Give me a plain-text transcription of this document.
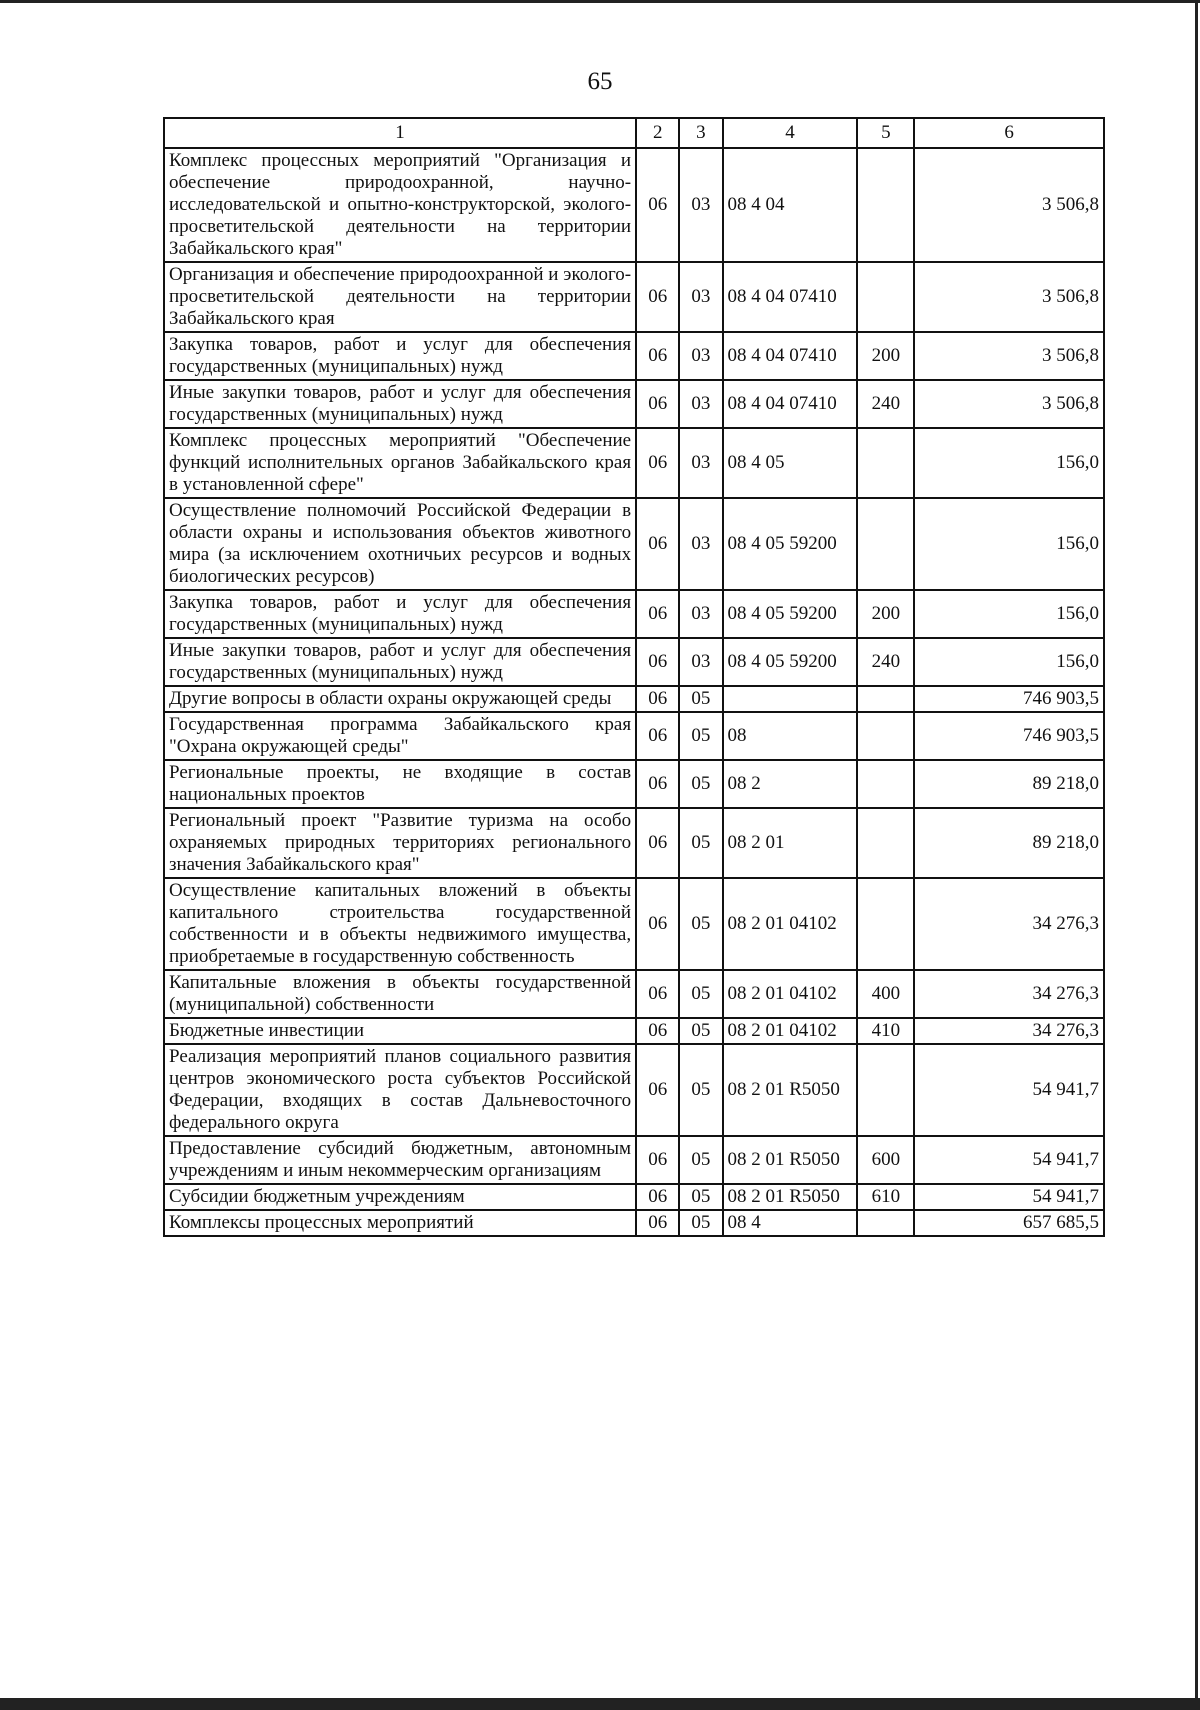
65
1	2	3	4	5	6
Комплекс процессных мероприятий "Организация и обеспечение природоохранной, научно-исследовательской и опытно-конструкторской, эколого-просветительской деятельности на территории Забайкальского края"	06	03	08 4 04		3 506,8
Организация и обеспечение природоохранной и эколого-просветительской деятельности на территории Забайкальского края	06	03	08 4 04 07410		3 506,8
Закупка товаров, работ и услуг для обеспечения государственных (муниципальных) нужд	06	03	08 4 04 07410	200	3 506,8
Иные закупки товаров, работ и услуг для обеспечения государственных (муниципальных) нужд	06	03	08 4 04 07410	240	3 506,8
Комплекс процессных мероприятий "Обеспечение функций исполнительных органов Забайкальского края в установленной сфере"	06	03	08 4 05		156,0
Осуществление полномочий Российской Федерации в области охраны и использования объектов животного мира (за исключением охотничьих ресурсов и водных биологических ресурсов)	06	03	08 4 05 59200		156,0
Закупка товаров, работ и услуг для обеспечения государственных (муниципальных) нужд	06	03	08 4 05 59200	200	156,0
Иные закупки товаров, работ и услуг для обеспечения государственных (муниципальных) нужд	06	03	08 4 05 59200	240	156,0
Другие вопросы в области охраны окружающей среды	06	05			746 903,5
Государственная программа Забайкальского края "Охрана окружающей среды"	06	05	08		746 903,5
Региональные проекты, не входящие в состав национальных проектов	06	05	08 2		89 218,0
Региональный проект "Развитие туризма на особо охраняемых природных территориях регионального значения Забайкальского края"	06	05	08 2 01		89 218,0
Осуществление капитальных вложений в объекты капитального строительства государственной собственности и в объекты недвижимого имущества, приобретаемые в государственную собственность	06	05	08 2 01 04102		34 276,3
Капитальные вложения в объекты государственной (муниципальной) собственности	06	05	08 2 01 04102	400	34 276,3
Бюджетные инвестиции	06	05	08 2 01 04102	410	34 276,3
Реализация мероприятий планов социального развития центров экономического роста субъектов Российской Федерации, входящих в состав Дальневосточного федерального округа	06	05	08 2 01 R5050		54 941,7
Предоставление субсидий бюджетным, автономным учреждениям и иным некоммерческим организациям	06	05	08 2 01 R5050	600	54 941,7
Субсидии бюджетным учреждениям	06	05	08 2 01 R5050	610	54 941,7
Комплексы процессных мероприятий	06	05	08 4		657 685,5
